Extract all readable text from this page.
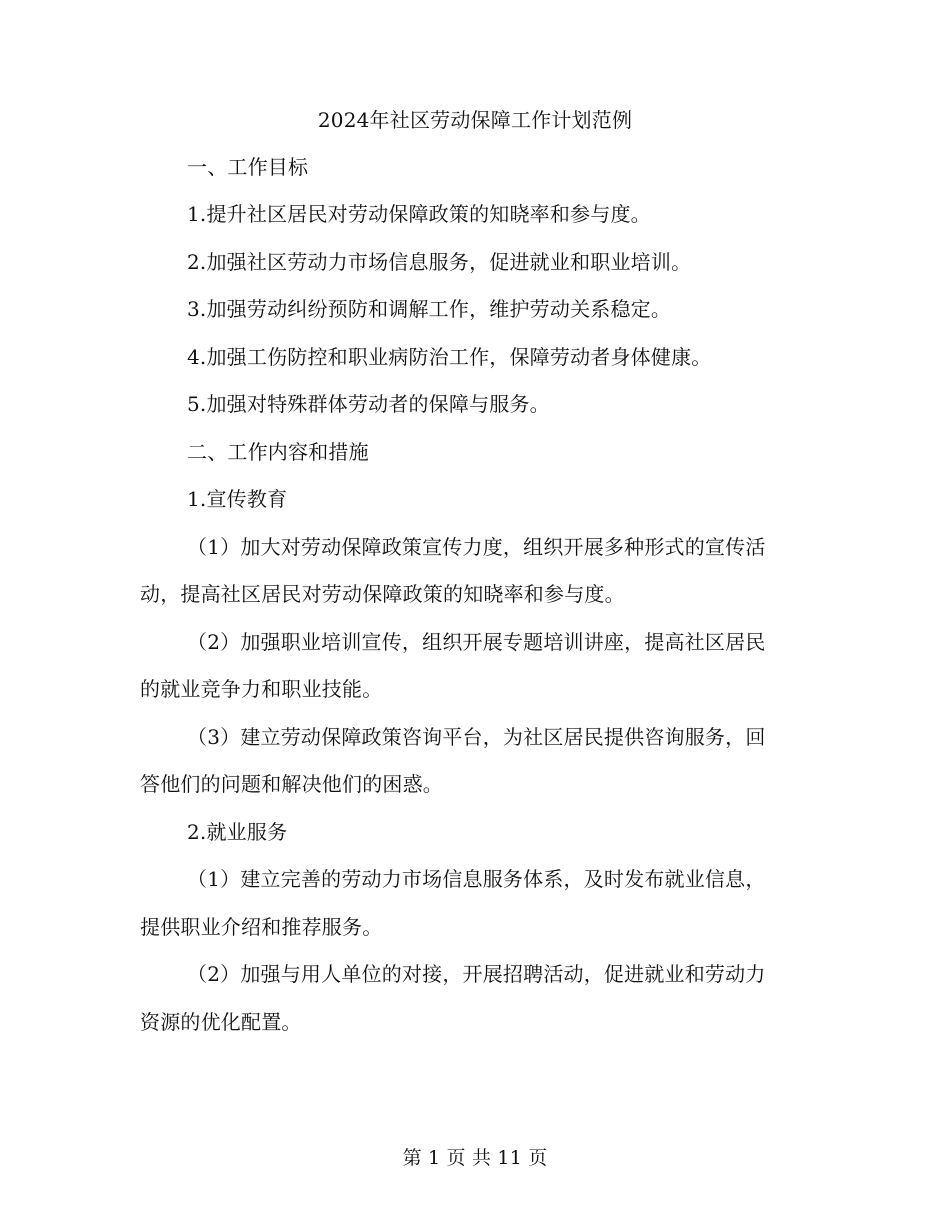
2024年社区劳动保障工作计划范例
一、工作目标
1.提升社区居民对劳动保障政策的知晓率和参与度。
2.加强社区劳动力市场信息服务，促进就业和职业培训。
3.加强劳动纠纷预防和调解工作，维护劳动关系稳定。
4.加强工伤防控和职业病防治工作，保障劳动者身体健康。
5.加强对特殊群体劳动者的保障与服务。
二、工作内容和措施
1.宣传教育
（1）加大对劳动保障政策宣传力度，组织开展多种形式的宣传活
动，提高社区居民对劳动保障政策的知晓率和参与度。
（2）加强职业培训宣传，组织开展专题培训讲座，提高社区居民
的就业竞争力和职业技能。
（3）建立劳动保障政策咨询平台，为社区居民提供咨询服务，回
答他们的问题和解决他们的困惑。
2.就业服务
（1）建立完善的劳动力市场信息服务体系，及时发布就业信息，
提供职业介绍和推荐服务。
（2）加强与用人单位的对接，开展招聘活动，促进就业和劳动力
资源的优化配置。
第 1 页 共 11 页
